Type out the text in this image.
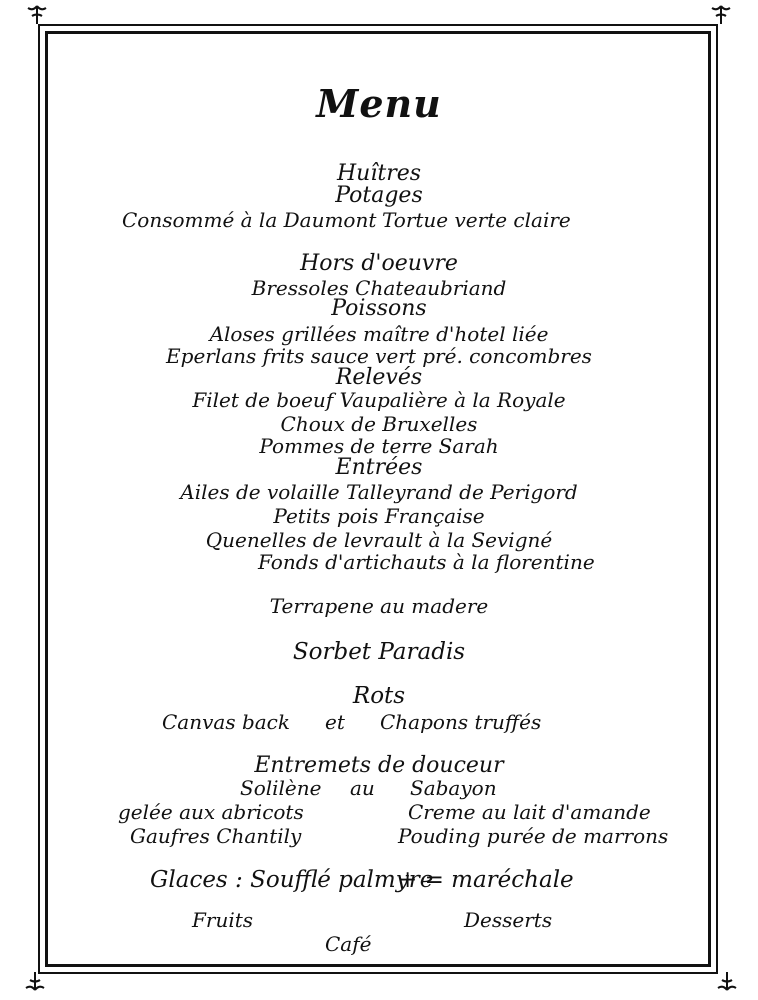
Menu
Huîtres
Potages
Consommé à la Daumont Tortue verte claire
Hors d'oeuvre
Bressoles Chateaubriand
Poissons
Aloses grillées maître d'hotel liée
Eperlans frits sauce vert pré. concombres
Relevés
Filet de boeuf Vaupalière à la Royale
Choux de Bruxelles
Pommes de terre Sarah
Entrées
Ailes de volaille Talleyrand de Perigord
Petits pois Française
Quenelles de levrault à la Sevigné
Fonds d'artichauts à la florentine
Terrapene au madere
Sorbet Paradis
Rots
Canvas back et Chapons truffés
Entremets de douceur
Solilène au Sabayon
gelée aux abricots	Creme au lait d'amande
Gaufres Chantily	Pouding purée de marrons
Glaces : Soufflé palmyre
+ = maréchale
Fruits	Desserts
Café
